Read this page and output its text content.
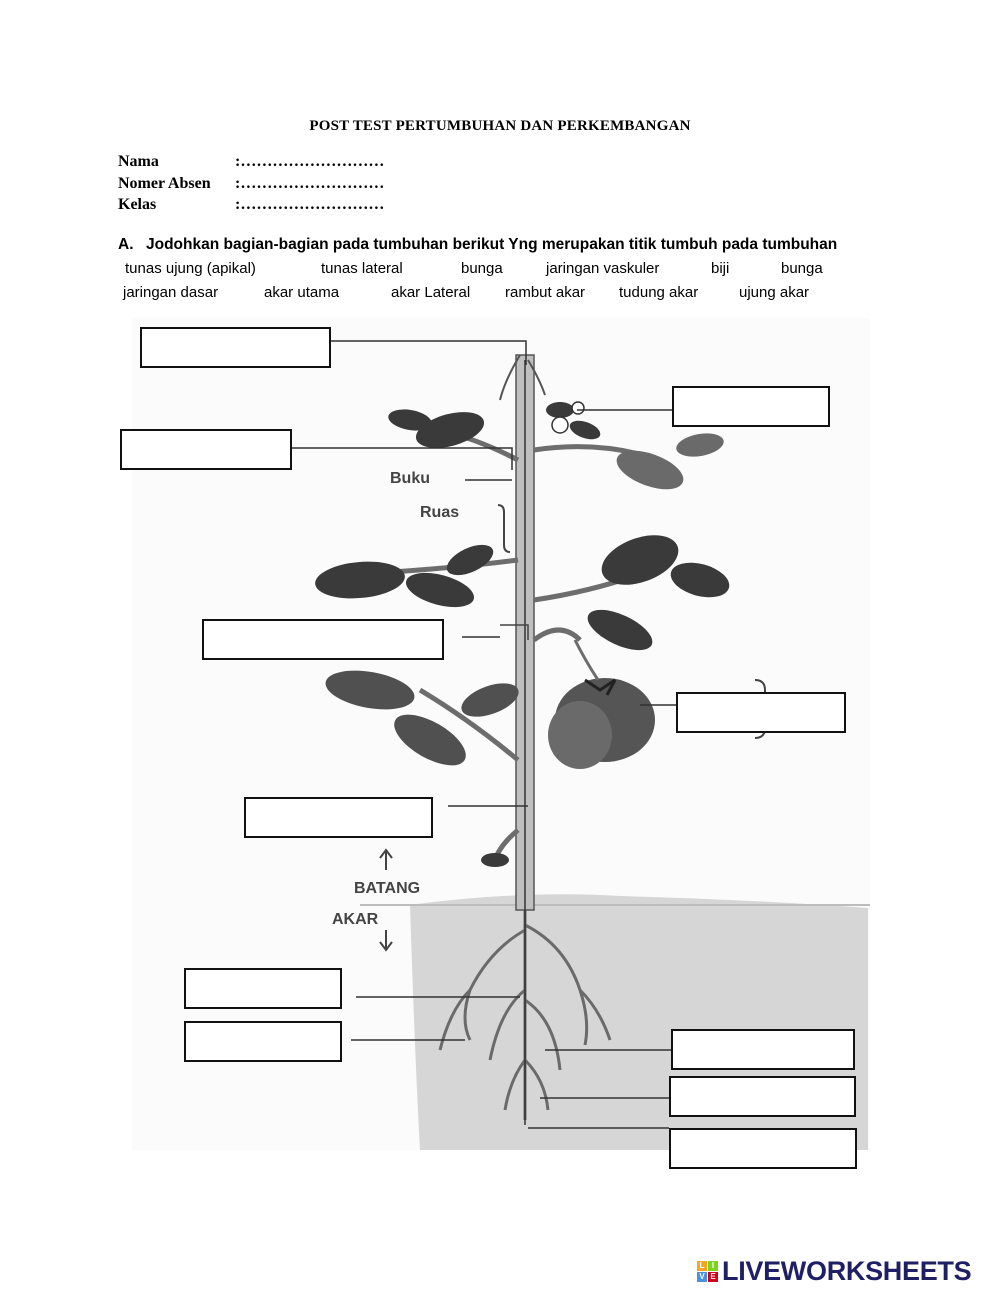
POST TEST PERTUMBUHAN DAN PERKEMBANGAN
Nama	:………………………
Nomer Absen :………………………
Kelas	:………………………
A. Jodohkan bagian-bagian pada tumbuhan berikut Yng merupakan titik tumbuh pada tumbuhan
tunas ujung (apikal)	tunas lateral	bunga	jaringan vaskuler	biji	bunga
jaringan dasar	akar utama	akar Lateral rambut akar tudung akar	ujung akar
Buku
Ruas
BATANG
AKAR
L I
V E LIVEWORKSHEETS
